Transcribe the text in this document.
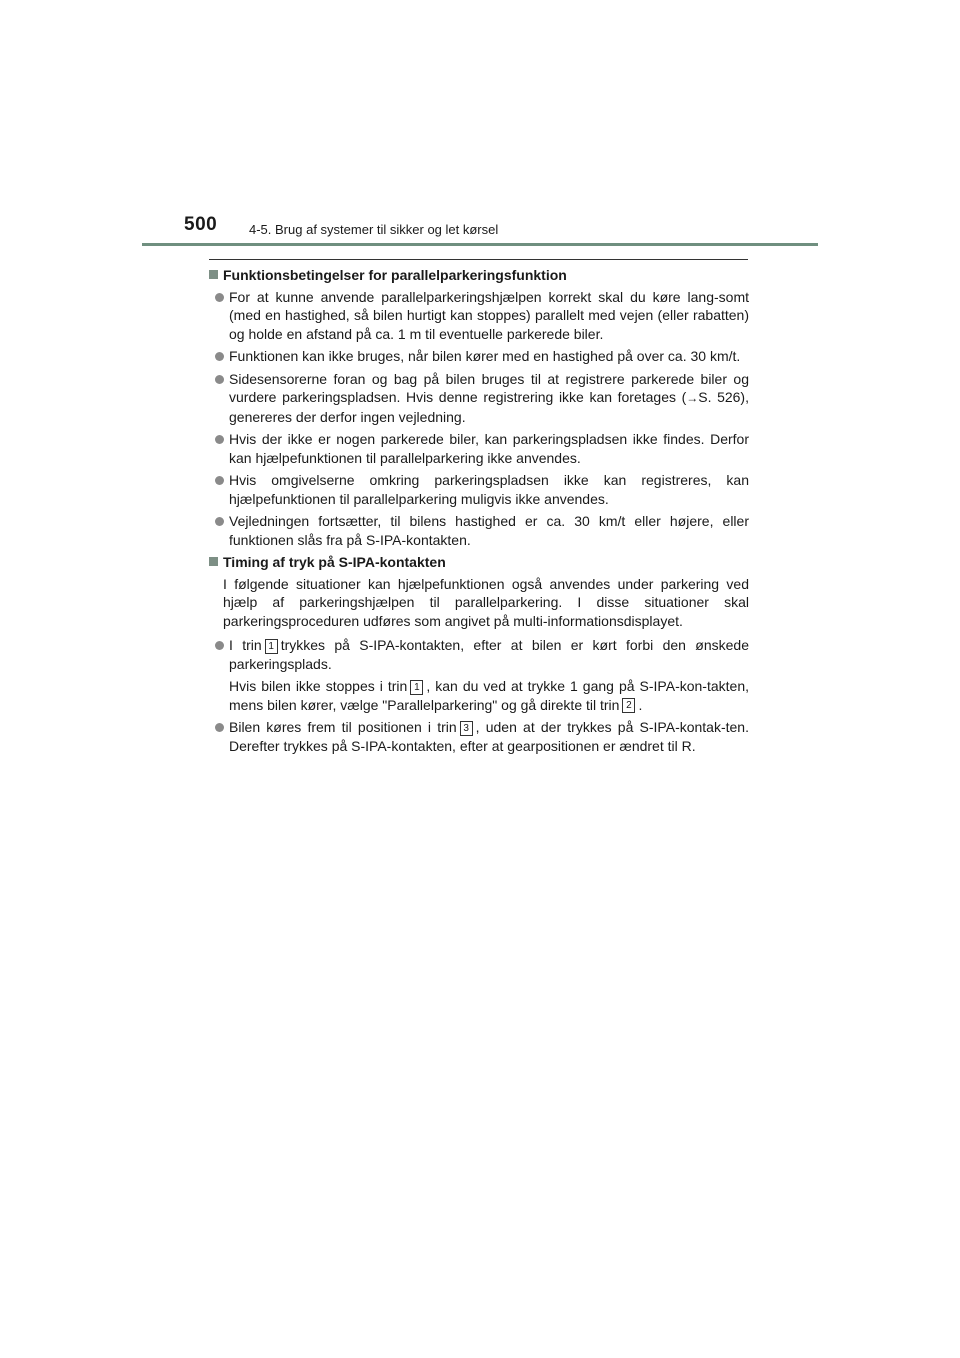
500 4-5. Brug af systemer til sikker og let kørsel
Funktionsbetingelser for parallelparkeringsfunktion
For at kunne anvende parallelparkeringshjælpen korrekt skal du køre lang-somt (med en hastighed, så bilen hurtigt kan stoppes) parallelt med vejen (eller rabatten) og holde en afstand på ca. 1 m til eventuelle parkerede biler.
Funktionen kan ikke bruges, når bilen kører med en hastighed på over ca. 30 km/t.
Sidesensorerne foran og bag på bilen bruges til at registrere parkerede biler og vurdere parkeringspladsen. Hvis denne registrering ikke kan foretages (→S. 526), genereres der derfor ingen vejledning.
Hvis der ikke er nogen parkerede biler, kan parkeringspladsen ikke findes. Derfor kan hjælpefunktionen til parallelparkering ikke anvendes.
Hvis omgivelserne omkring parkeringspladsen ikke kan registreres, kan hjælpefunktionen til parallelparkering muligvis ikke anvendes.
Vejledningen fortsætter, til bilens hastighed er ca. 30 km/t eller højere, eller funktionen slås fra på S-IPA-kontakten.
Timing af tryk på S-IPA-kontakten
I følgende situationer kan hjælpefunktionen også anvendes under parkering ved hjælp af parkeringshjælpen til parallelparkering. I disse situationer skal parkeringsproceduren udføres som angivet på multi-informationsdisplayet.
I trin 1 trykkes på S-IPA-kontakten, efter at bilen er kørt forbi den ønskede parkeringsplads.
Hvis bilen ikke stoppes i trin 1 , kan du ved at trykke 1 gang på S-IPA-kon-takten, mens bilen kører, vælge "Parallelparkering" og gå direkte til trin 2 .
Bilen køres frem til positionen i trin 3 , uden at der trykkes på S-IPA-kontak-ten. Derefter trykkes på S-IPA-kontakten, efter at gearpositionen er ændret til R.
